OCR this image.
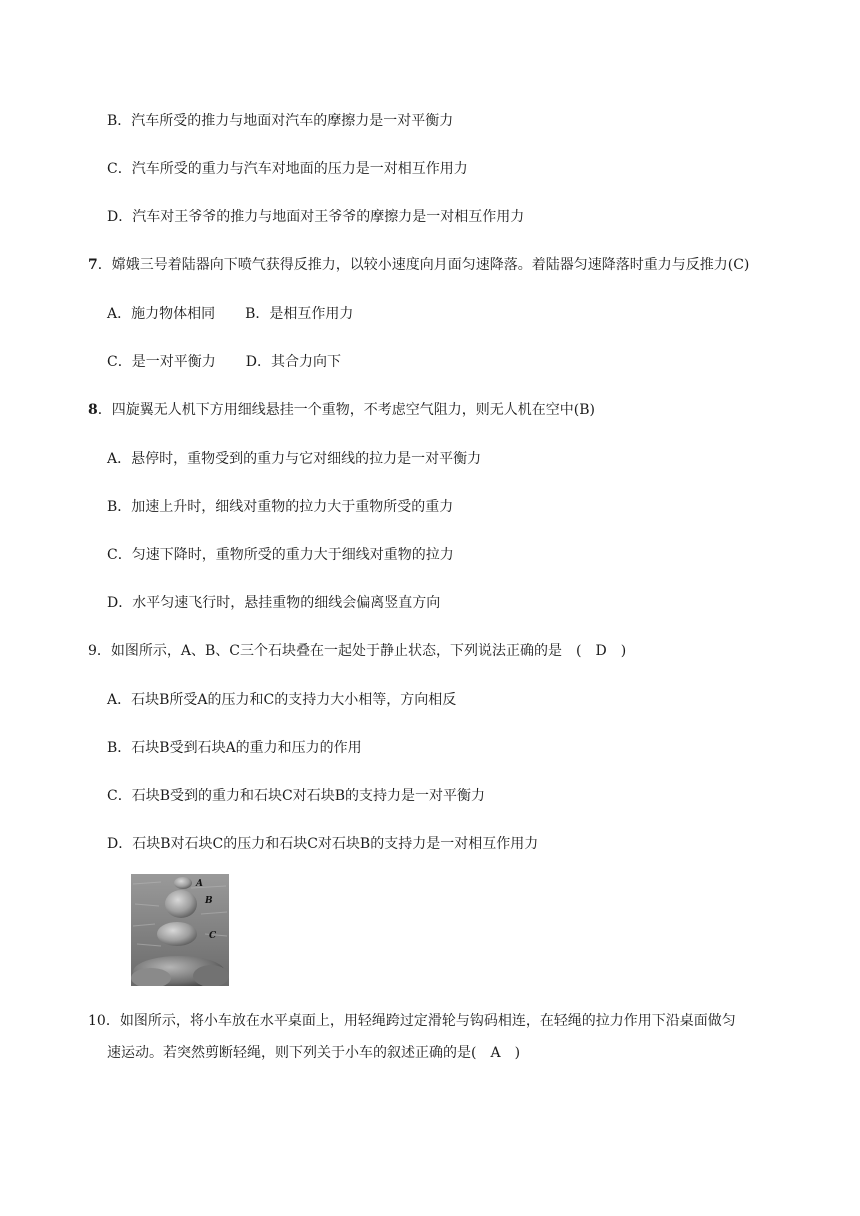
B．汽车所受的推力与地面对汽车的摩擦力是一对平衡力
C．汽车所受的重力与汽车对地面的压力是一对相互作用力
D．汽车对王爷爷的推力与地面对王爷爷的摩擦力是一对相互作用力
7．嫦娥三号着陆器向下喷气获得反推力，以较小速度向月面匀速降落。着陆器匀速降落时重力与反推力(C)
A．施力物体相同 B．是相互作用力
C．是一对平衡力 D．其合力向下
8．四旋翼无人机下方用细线悬挂一个重物，不考虑空气阻力，则无人机在空中(B)
A．悬停时，重物受到的重力与它对细线的拉力是一对平衡力
B．加速上升时，细线对重物的拉力大于重物所受的重力
C．匀速下降时，重物所受的重力大于细线对重物的拉力
D．水平匀速飞行时，悬挂重物的细线会偏离竖直方向
9．如图所示，A、B、C三个石块叠在一起处于静止状态，下列说法正确的是　(　D　)
A．石块B所受A的压力和C的支持力大小相等，方向相反
B．石块B受到石块A的重力和压力的作用
C．石块B受到的重力和石块C对石块B的支持力是一对平衡力
D．石块B对石块C的压力和石块C对石块B的支持力是一对相互作用力
A
B
C
10．如图所示，将小车放在水平桌面上，用轻绳跨过定滑轮与钩码相连，在轻绳的拉力作用下沿桌面做匀
速运动。若突然剪断轻绳，则下列关于小车的叙述正确的是(　A　)
